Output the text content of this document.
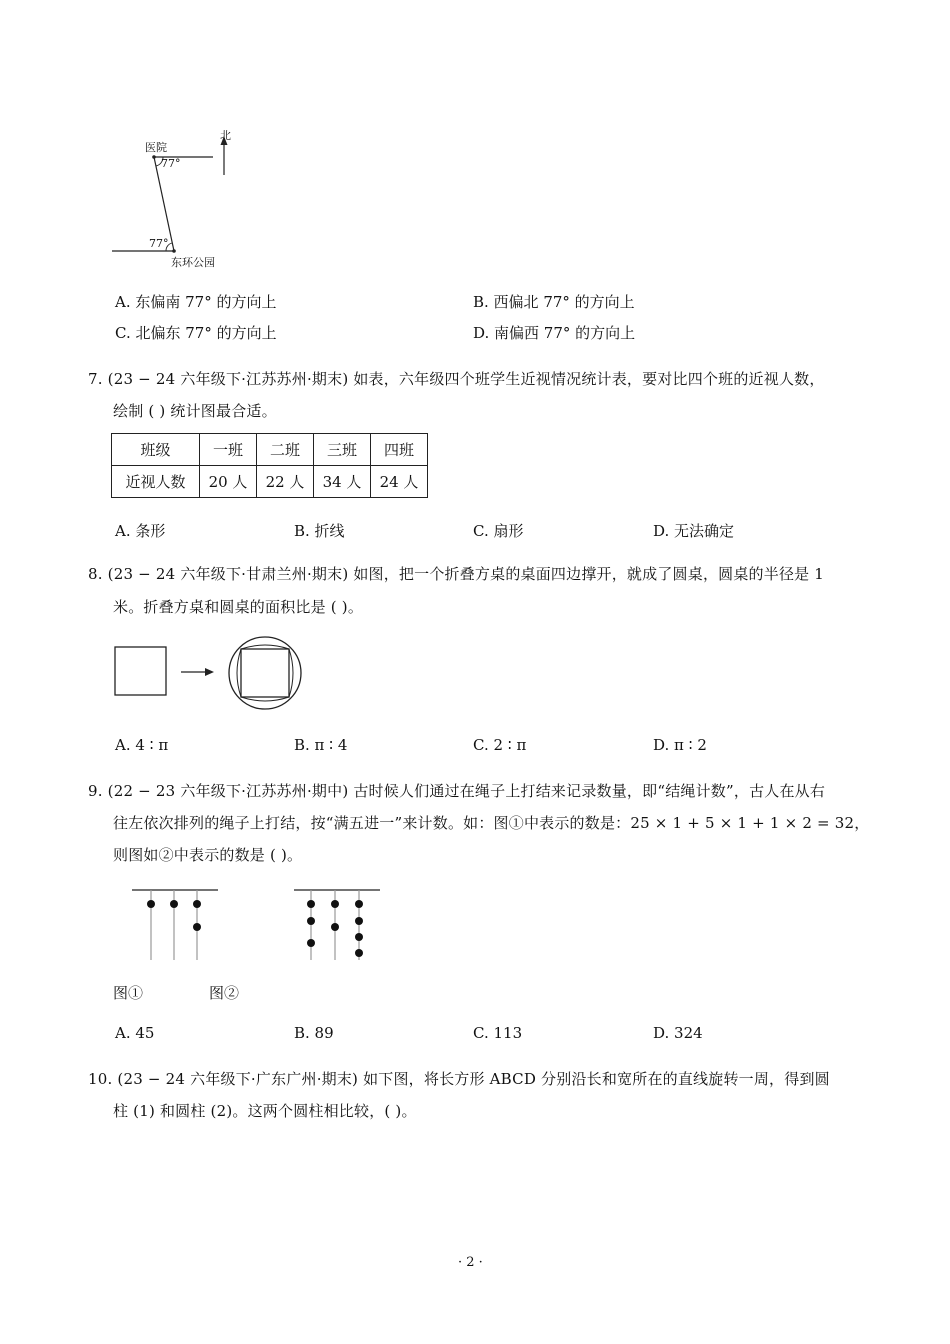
北
医院
77°
77°
东环公园
A. 东偏南 77° 的方向上	B. 西偏北 77° 的方向上
C. 北偏东 77° 的方向上	D. 南偏西 77° 的方向上
7. (23 − 24 六年级下·江苏苏州·期末) 如表，六年级四个班学生近视情况统计表，要对比四个班的近视人数，
绘制 ( ) 统计图最合适。
班级	一班	二班	三班	四班
近视人数	20 人	22 人	34 人	24 人
A. 条形	B. 折线	C. 扇形	D. 无法确定
8. (23 − 24 六年级下·甘肃兰州·期末) 如图，把一个折叠方桌的桌面四边撑开，就成了圆桌，圆桌的半径是 1
米。折叠方桌和圆桌的面积比是 ( )。
A. 4 ∶ π	B. π ∶ 4	C. 2 ∶ π	D. π ∶ 2
9. (22 − 23 六年级下·江苏苏州·期中) 古时候人们通过在绳子上打结来记录数量，即“结绳计数”，古人在从右
往左依次排列的绳子上打结，按“满五进一”来计数。如：图①中表示的数是：25 × 1 + 5 × 1 + 1 × 2 = 32，
则图如②中表示的数是 ( )。
图①	图②
A. 45	B. 89	C. 113	D. 324
10. (23 − 24 六年级下·广东广州·期末) 如下图，将长方形 ABCD 分别沿长和宽所在的直线旋转一周，得到圆
柱 (1) 和圆柱 (2)。这两个圆柱相比较，( )。
· 2 ·
